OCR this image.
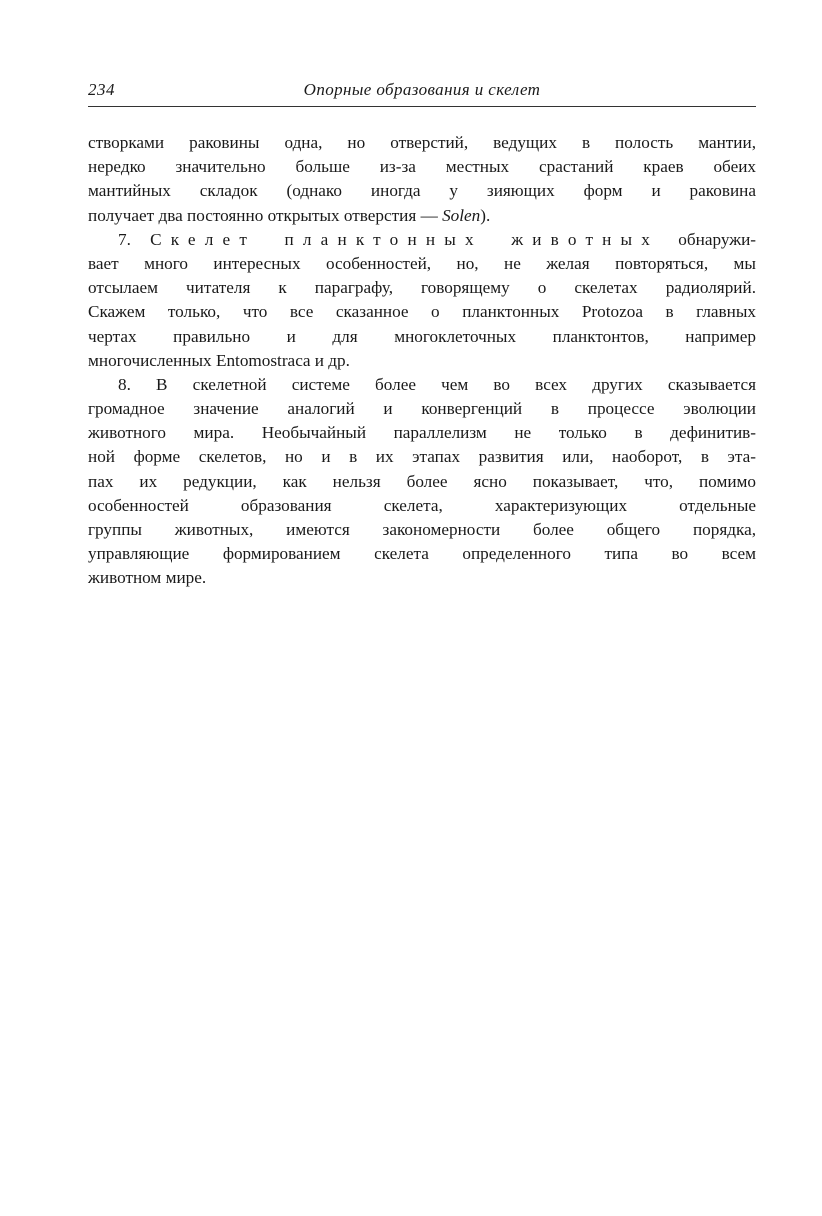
234	Опорные образования и скелет
створками раковины одна, но отверстий, ведущих в полость мантии,
нередко значительно больше из-за местных срастаний краев обеих
мантийных складок (однако иногда у зияющих форм и раковина
получает два постоянно открытых отверстия — Solen).
7. Скелет планктонных животных обнаружи-
вает много интересных особенностей, но, не желая повторяться, мы
отсылаем читателя к параграфу, говорящему о скелетах радиолярий.
Скажем только, что все сказанное о планктонных Protozoa в главных
чертах правильно и для многоклеточных планктонтов, например
многочисленных Entomostraca и др.
8. В скелетной системе более чем во всех других сказывается
громадное значение аналогий и конвергенций в процессе эволюции
животного мира. Необычайный параллелизм не только в дефинитив-
ной форме скелетов, но и в их этапах развития или, наоборот, в эта-
пах их редукции, как нельзя более ясно показывает, что, помимо
особенностей образования скелета, характеризующих отдельные
группы животных, имеются закономерности более общего порядка,
управляющие формированием скелета определенного типа во всем
животном мире.
